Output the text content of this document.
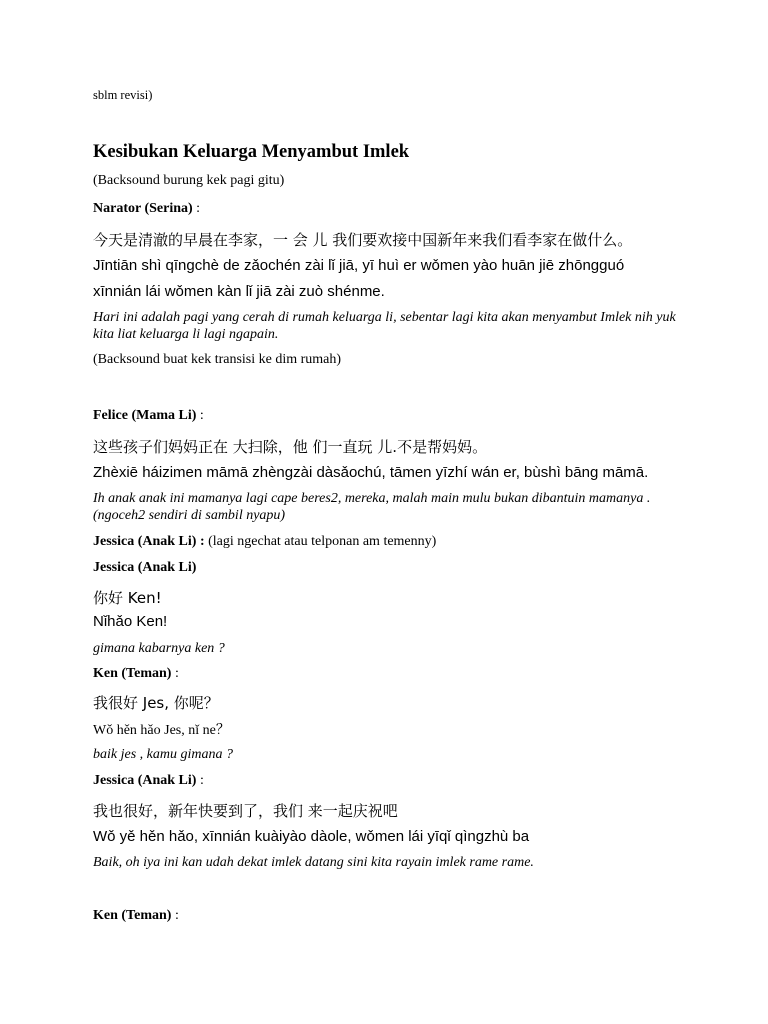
sblm revisi)
Kesibukan Keluarga Menyambut Imlek
(Backsound burung kek pagi gitu)
Narator (Serina) :
今天是清澈的早晨在李家，一 会 儿 我们要欢接中国新年来我们看李家在做什么。
Jīntiān shì qīngchè de zǎochén zài lǐ jiā, yī huì er wǒmen yào huān jiē zhōngguó
xīnnián lái wǒmen kàn lǐ jiā zài zuò shénme.
Hari ini adalah pagi yang cerah di rumah keluarga li, sebentar lagi kita akan menyambut Imlek nih yuk kita liat keluarga li lagi ngapain.
(Backsound buat kek transisi ke dim rumah)
Felice (Mama Li) :
这些孩子们妈妈正在 大扫除，他 们一直玩 儿.不是帮妈妈。
Zhèxiē háizimen māmā zhèngzài dàsǎochú, tāmen yīzhí wán er, bùshì bāng māmā.
Ih anak anak ini mamanya lagi cape beres2, mereka, malah main mulu bukan dibantuin mamanya . (ngoceh2 sendiri di sambil nyapu)
Jessica (Anak Li) : (lagi ngechat atau telponan am temenny)
Jessica (Anak Li)
你好 Ken!
Nǐhǎo Ken!
gimana kabarnya ken ?
Ken (Teman) :
我很好 Jes, 你呢？
Wǒ hěn hǎo Jes, nǐ ne？
baik jes , kamu gimana ?
Jessica (Anak Li) :
我也很好，新年快要到了，我们 来一起庆祝吧
Wǒ yě hěn hǎo, xīnnián kuàiyào dàole, wǒmen lái yīqǐ qìngzhù ba
Baik, oh iya ini kan udah dekat imlek datang sini kita rayain imlek rame rame.
Ken (Teman) :
